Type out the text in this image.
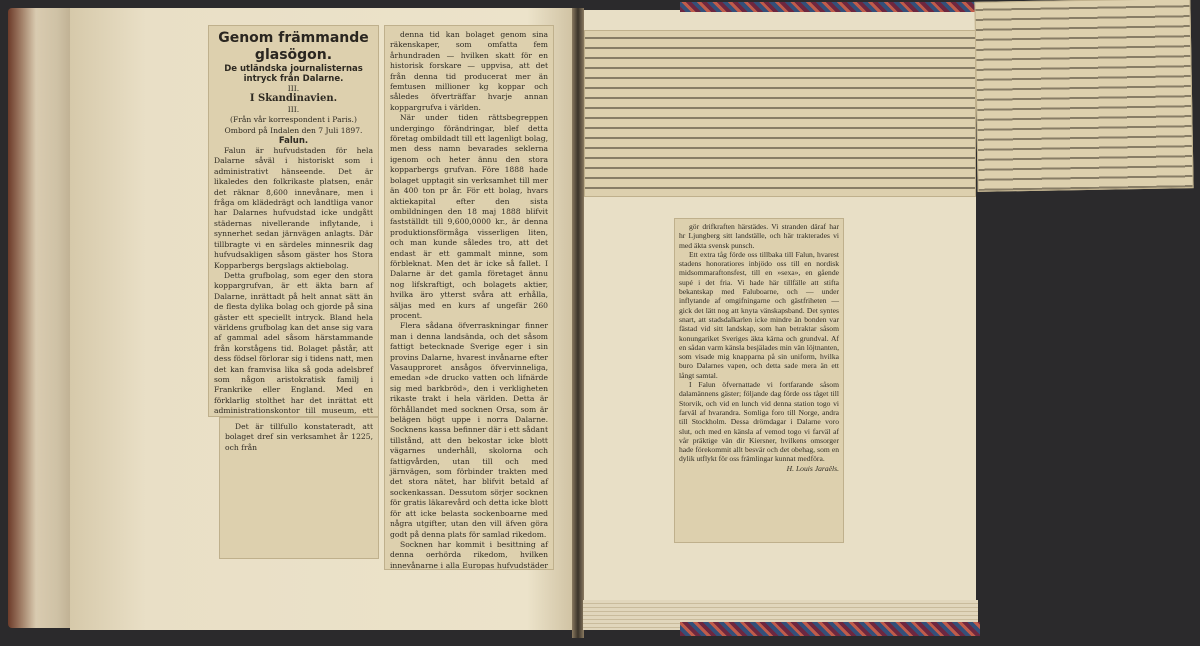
Genom främmande glasögon.
De utländska journalisternas intryck från Dalarne.

III.

I Skandinavien.

III.

(Från vår korrespondent i Paris.)

Ombord på Indalen den 7 Juli 1897.

Falun.

Falun är hufvudstaden för hela Dalarne såväl i historiskt som i administrativt hänseende. Det är likaledes den folkrikaste platsen, enär det räknar 8,600 innevånare, men i fråga om klädedrägt och landtliga vanor har Dalarnes hufvudstad icke undgått städernas nivellerande inflytande, i synnerhet sedan järnvägen anlagts. Där tillbragte vi en särdeles minnesrik dag hufvudsakligen såsom gäster hos Stora Kopparbergs bergslags aktiebolag.

Detta grufbolag, som eger den stora koppargrufvan, är ett äkta barn af Dalarne, inrättadt på helt annat sätt än de flesta dylika bolag och gjorde på sina gäster ett speciellt intryck. Bland hela världens grufbolag kan det anse sig vara af gammal adel såsom härstammande från korstågens tid. Bolaget påstår, att dess födsel förlorar sig i tidens natt, men det kan framvisa lika så goda adelsbref som någon aristokratisk familj i Frankrike eller England. Med en förklarlig stolthet har det inrättat ett administrationskontor till museum, ett

Det är tillfullo konstateradt, att bolaget dref sin verksamhet år 1225, och från

denna tid kan bolaget genom sina räkenskaper, som omfatta fem århundraden — hvilken skatt för en historisk forskare — uppvisa, att det från denna tid producerat mer än femtusen millioner kg koppar och således öfverträffar hvarje annan koppargrufva i världen.

När under tiden rättsbegreppen undergingo förändringar, blef detta företag ombildadt till ett lagenligt bolag, men dess namn bevarades seklerna igenom och heter ännu den stora kopparbergs grufvan. Före 1888 hade bolaget upptagit sin verksamhet till mer än 400 ton pr år. För ett bolag, hvars aktiekapital efter den sista ombildningen den 18 maj 1888 blifvit fastställdt till 9,600,0000 kr., är denna produktionsförmåga visserligen liten, och man kunde således tro, att det endast är ett gammalt minne, som förbleknat. Men det är icke så fallet. I Dalarne är det gamla företaget ännu nog lifskraftigt, och bolagets aktier, hvilka äro ytterst svåra att erhålla, säljas med en kurs af ungefär 260 procent.

Flera sådana öfverraskningar finner man i denna landsända, och det såsom fattigt betecknade Sverige eger i sin provins Dalarne, hvarest invånarne efter Vasaupproret ansågos öfvervinneliga, emedan »de drucko vatten och lifnärde sig med barkbröd», den i verkligheten rikaste trakt i hela världen. Detta är förhållandet med socknen Orsa, som är belägen högt uppe i norra Dalarne. Socknens kassa befinner där i ett sådant tillstånd, att den bekostar icke blott vägarnes underhåll, skolorna och fattigvården, utan till och med järnvägen, som förbinder trakten med det stora nätet, har blifvit betald af sockenkassan. Dessutom sörjer socknen för gratis läkarevård och detta icke blott för att icke belasta sockenboarne med några utgifter, utan den vill äfven göra godt på denna plats för samlad rikedom.

Socknen har kommit i besittning af denna oerhörda rikedom, hvilken innevånarne i alla Europas hufvudstäder

gör drifkraften härstädes. Vi stranden däraf har hr Ljungberg sitt landställe, och här trakterades vi med äkta svensk punsch.

Ett extra tåg förde oss tillbaka till Falun, hvarest stadens honoratiores inbjödo oss till en nordisk midsommaraftonsfest, till en »sexa», en gående supé i det fria. Vi hade här tillfälle att stifta bekantskap med Faluboarne, och — under inflytande af omgifningarne och gästfriheten — gick det lätt nog att knyta vänskapsband. Det syntes snart, att stadsdalkarlen icke mindre än bonden var fästad vid sitt landskap, som han betraktar såsom konungariket Sveriges äkta kärna och grundval. Af en sådan varm känsla besjälades min vän löjtnanten, som visade mig knapparna på sin uniform, hvilka buro Dalarnes vapen, och detta sade mera än ett långt samtal.

I Falun öfvernattade vi fortfarande såsom dalamännens gäster; följande dag förde oss tåget till Storvik, och vid en lunch vid denna station togo vi farväl af hvarandra. Somliga foro till Norge, andra till Stockholm. Dessa drömdagar i Dalarne voro slut, och med en känsla af vemod togo vi farväl af vår präktige vän dir Kiersner, hvilkens omsorger hade förekommit allt besvär och det obehag, som en dylik utflykt för oss främlingar kunnat medföra.

H. Louis Jaraëls.
